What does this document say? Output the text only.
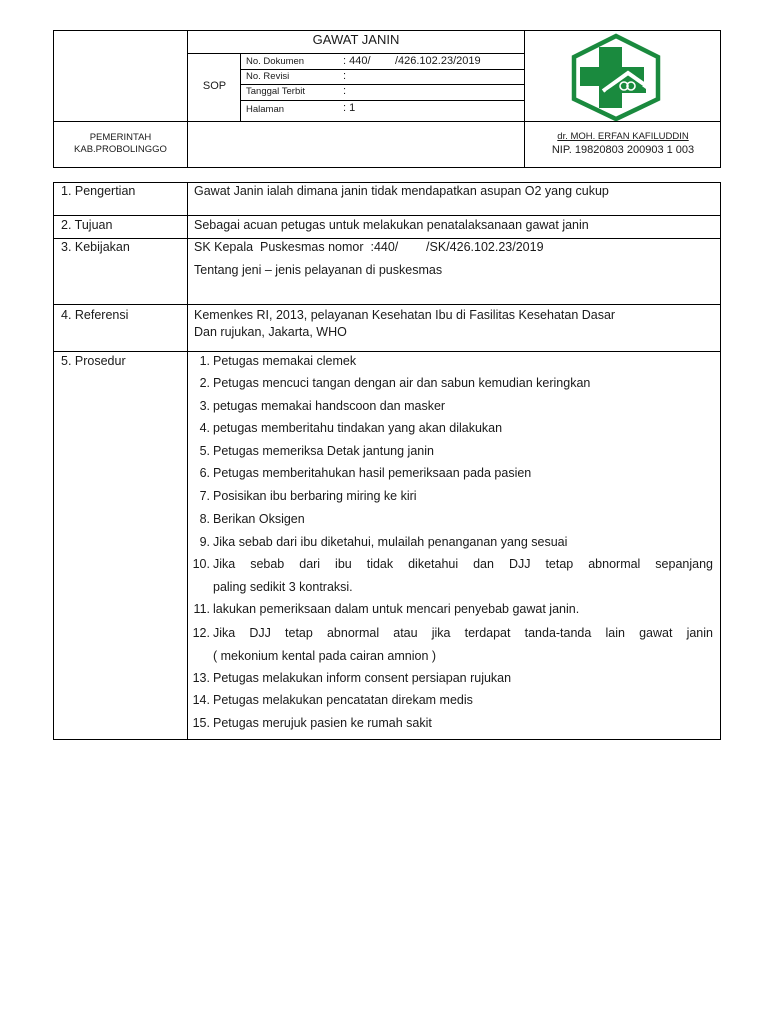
GAWAT JANIN
SOP
No. Dokumen	: 440/        /426.102.23/2019
No. Revisi	:
Tanggal Terbit	:
Halaman	: 1
PEMERINTAH
KAB.PROBOLINGGO
dr. MOH. ERFAN KAFILUDDIN
NIP. 19820803 200903 1 003
1. Pengertian	Gawat Janin ialah dimana janin tidak mendapatkan asupan O2 yang cukup
2. Tujuan	Sebagai acuan petugas untuk melakukan penatalaksanaan gawat janin
3. Kebijakan	SK Kepala  Puskesmas nomor  :440/        /SK/426.102.23/2019
Tentang jeni – jenis pelayanan di puskesmas
4. Referensi	Kemenkes RI, 2013, pelayanan Kesehatan Ibu di Fasilitas Kesehatan Dasar
Dan rujukan, Jakarta, WHO
5. Prosedur	1. Petugas memakai clemek
2. Petugas mencuci tangan dengan air dan sabun kemudian keringkan
3. petugas memakai handscoon dan masker
4. petugas memberitahu tindakan yang akan dilakukan
5. Petugas memeriksa Detak jantung janin
6. Petugas memberitahukan hasil pemeriksaan pada pasien
7. Posisikan ibu berbaring miring ke kiri
8. Berikan Oksigen
9. Jika sebab dari ibu diketahui, mulailah penanganan yang sesuai
10. Jika sebab dari ibu tidak diketahui dan DJJ tetap abnormal sepanjang
paling sedikit 3 kontraksi.
11. lakukan pemeriksaan dalam untuk mencari penyebab gawat janin.
12. Jika DJJ tetap abnormal atau jika terdapat tanda-tanda lain gawat janin
( mekonium kental pada cairan amnion )
13. Petugas melakukan inform consent persiapan rujukan
14. Petugas melakukan pencatatan direkam medis
15. Petugas merujuk pasien ke rumah sakit
